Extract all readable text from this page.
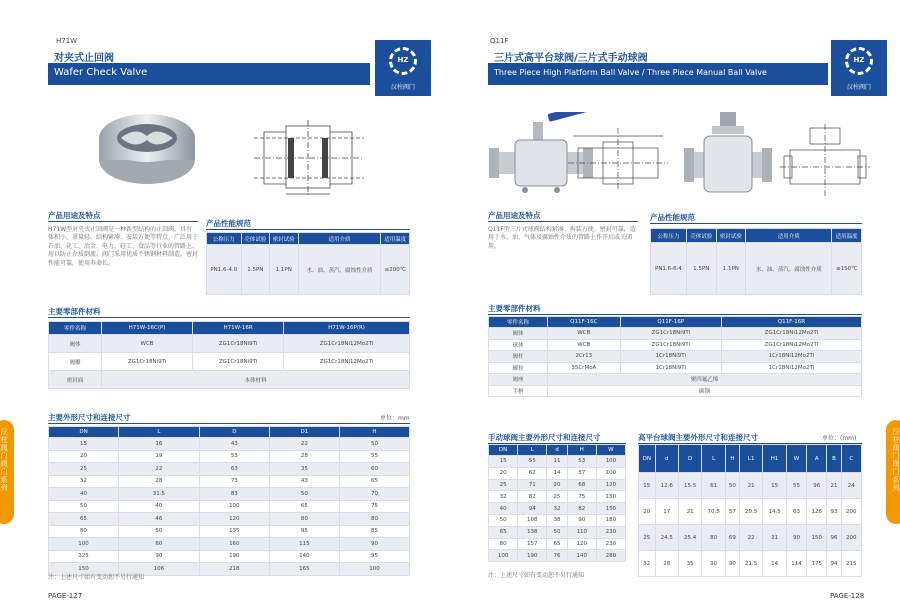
H71W
对夹式止回阀
Wafer Check Valve
HZ
汉柱阀门
产品用途及特点
H71W型对夹式止回阀是一种新型结构的止回阀，具有体积小、重量轻、结构紧凑、安装方便等特点，广泛用于石油、化工、冶金、电力、轻工、食品等行业的管路上，用以防止介质倒流。阀门采用优质不锈钢材料制造，密封性能可靠，使用寿命长。
产品性能规范
公称压力	壳体试验	密封试验	适用介质	适用温度
PN1.6-4.0	1.5PN	1.1PN	水、油、蒸汽、腐蚀性介质	≤200℃
主要零部件材料
零件名称	H71W-16C(P)	H71W-16R	H71W-16P(R)
阀体	WCB	ZG1Cr18Ni9Ti	ZG1Cr18Ni12Mo2Ti
阀瓣	ZG1Cr18Ni9Ti	ZG1Cr18Ni9Ti	ZG1Cr18Ni12Mo2Ti
密封面	本体材料		
主要外形尺寸和连接尺寸	单位：mm
DN	L	D	D1	H
15	16	43	22	50
20	19	53	28	55
25	22	63	35	60
32	28	73	43	65
40	31.5	83	50	70
50	40	100	65	75
65	46	120	80	80
80	50	135	95	85
100	60	160	115	90
125	90	190	140	95
150	106	218	165	100
注：上述尺寸如有变动恕不另行通知
PAGE-127
汉柱阀门阀门系列
Q11F
三片式高平台球阀/三片式手动球阀
Three Piece High Platform Ball Valve / Three Piece Manual Ball Valve
HZ
汉柱阀门
产品用途及特点
Q11F型三片式球阀结构紧凑、拆装方便、密封可靠，适用于水、油、气体及腐蚀性介质的管路上作开启或关闭用。
产品性能规范
公称压力	壳体试验	密封试验	适用介质	适用温度
PN1.6-6.4	1.5PN	1.1PN	水、油、蒸汽、腐蚀性介质	≤150℃
主要零部件材料
零件名称	Q11F-16C	Q11F-16P	Q11F-16R
阀体	WCB	ZG1Cr18Ni9Ti	ZG1Cr18Ni12Mo2Ti
球体	WCB	ZG1Cr18Ni9Ti	ZG1Cr18Ni12Mo2Ti
阀杆	2Cr13	1Cr18Ni9Ti	1Cr18Ni12Mo2Ti
螺栓	35CrMoA	1Cr18Ni9Ti	1Cr18Ni12Mo2Ti
阀座	聚四氟乙烯		
手柄	碳钢		
手动球阀主要外形尺寸和连接尺寸
DN	L	d	H	W
15	55	11	53	100
20	62	14	57	100
25	71	20	68	120
32	82	25	75	150
40	94	32	82	150
50	108	38	90	180
65	138	50	110	230
80	157	65	120	230
100	190	76	140	280
注：上述尺寸如有变动恕不另行通知
高平台球阀主要外形尺寸和连接尺寸	单位：(mm)
DN	d	D	L	H	L1	H1	W	A	B	C
15	12.6	15.5	61	50	21	15	55	96	21	24
20	17	21	70.5	57	20.5	14.5	63	126	93	200
25	24.5	25.4	80	69	22	21	90	150	96	200
32	28	35	90	90	21.5	14	114	175	94	215
PAGE-128
汉柱阀门阀门系列
